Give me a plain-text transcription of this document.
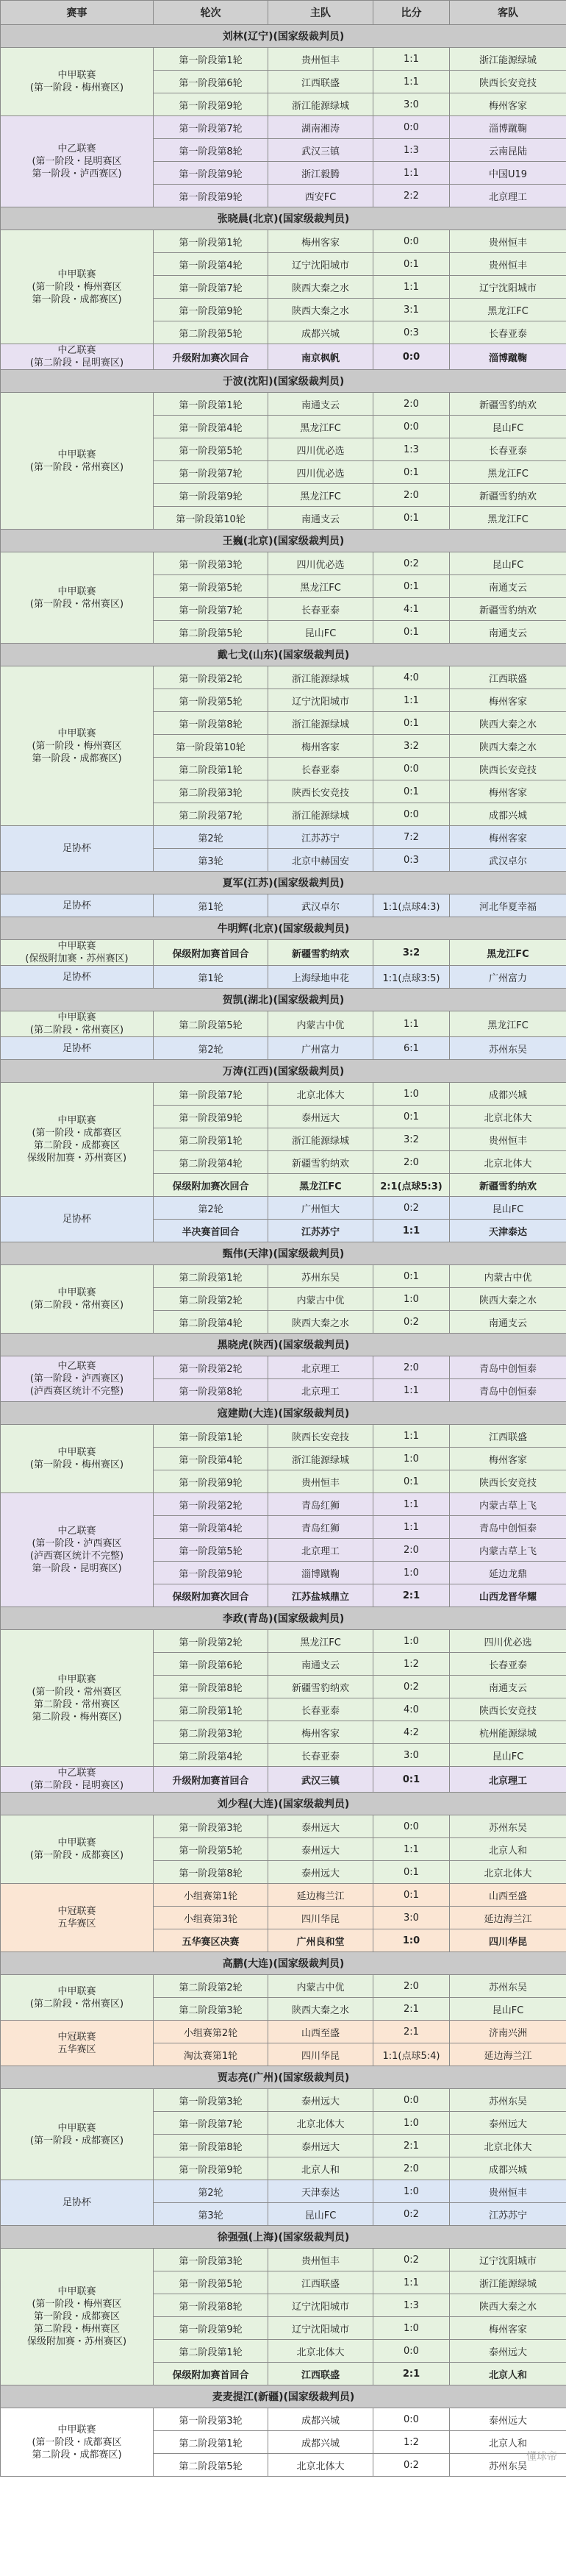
赛事	轮次	主队	比分	客队
刘林(辽宁)(国家级裁判员)				

中甲联赛
(第一阶段・梅州赛区)	第一阶段第1轮	贵州恒丰	1:1	浙江能源绿城
	第一阶段第6轮	江西联盛	1:1	陕西长安竞技
	第一阶段第9轮	浙江能源绿城	3:0	梅州客家

中乙联赛
(第一阶段・昆明赛区
第一阶段・泸西赛区)	第一阶段第7轮	湖南湘涛	0:0	淄博蹴鞠
	第一阶段第8轮	武汉三镇	1:3	云南昆陆
	第一阶段第9轮	浙江毅腾	1:1	中国U19
	第一阶段第9轮	西安FC	2:2	北京理工
张晓晨(北京)(国家级裁判员)				

中甲联赛
(第一阶段・梅州赛区
第一阶段・成都赛区)	第一阶段第1轮	梅州客家	0:0	贵州恒丰
	第一阶段第4轮	辽宁沈阳城市	0:1	贵州恒丰
	第一阶段第7轮	陕西大秦之水	1:1	辽宁沈阳城市
	第一阶段第9轮	陕西大秦之水	3:1	黑龙江FC
	第二阶段第5轮	成都兴城	0:3	长春亚泰

中乙联赛
(第二阶段・昆明赛区)	升级附加赛次回合	南京枫帆	0:0	淄博蹴鞠
于波(沈阳)(国家级裁判员)				

中甲联赛
(第一阶段・常州赛区)	第一阶段第1轮	南通支云	2:0	新疆雪豹纳欢
	第一阶段第4轮	黑龙江FC	0:0	昆山FC
	第一阶段第5轮	四川优必选	1:3	长春亚泰
	第一阶段第7轮	四川优必选	0:1	黑龙江FC
	第一阶段第9轮	黑龙江FC	2:0	新疆雪豹纳欢
	第一阶段第10轮	南通支云	0:1	黑龙江FC
王巍(北京)(国家级裁判员)				

中甲联赛
(第一阶段・常州赛区)	第一阶段第3轮	四川优必选	0:2	昆山FC
	第一阶段第5轮	黑龙江FC	0:1	南通支云
	第一阶段第7轮	长春亚泰	4:1	新疆雪豹纳欢
	第二阶段第5轮	昆山FC	0:1	南通支云
戴七戈(山东)(国家级裁判员)				

中甲联赛
(第一阶段・梅州赛区
第一阶段・成都赛区)	第一阶段第2轮	浙江能源绿城	4:0	江西联盛
	第一阶段第5轮	辽宁沈阳城市	1:1	梅州客家
	第一阶段第8轮	浙江能源绿城	0:1	陕西大秦之水
	第一阶段第10轮	梅州客家	3:2	陕西大秦之水
	第二阶段第1轮	长春亚泰	0:0	陕西长安竞技
	第二阶段第3轮	陕西长安竞技	0:1	梅州客家
	第二阶段第7轮	浙江能源绿城	0:0	成都兴城

足协杯	第2轮	江苏苏宁	7:2	梅州客家
	第3轮	北京中赫国安	0:3	武汉卓尔
夏军(江苏)(国家级裁判员)				

足协杯	第1轮	武汉卓尔	1:1(点球4:3)	河北华夏幸福
牛明辉(北京)(国家级裁判员)				

中甲联赛
(保级附加赛・苏州赛区)	保级附加赛首回合	新疆雪豹纳欢	3:2	黑龙江FC

足协杯	第1轮	上海绿地申花	1:1(点球3:5)	广州富力
贺凯(湖北)(国家级裁判员)				

中甲联赛
(第二阶段・常州赛区)	第二阶段第5轮	内蒙古中优	1:1	黑龙江FC

足协杯	第2轮	广州富力	6:1	苏州东吴
万涛(江西)(国家级裁判员)				

中甲联赛
(第一阶段・成都赛区
第二阶段・成都赛区
保级附加赛・苏州赛区)	第一阶段第7轮	北京北体大	1:0	成都兴城
	第一阶段第9轮	泰州远大	0:1	北京北体大
	第二阶段第1轮	浙江能源绿城	3:2	贵州恒丰
	第二阶段第4轮	新疆雪豹纳欢	2:0	北京北体大
	保级附加赛次回合	黑龙江FC	2:1(点球5:3)	新疆雪豹纳欢

足协杯	第2轮	广州恒大	0:2	昆山FC
	半决赛首回合	江苏苏宁	1:1	天津泰达
甄伟(天津)(国家级裁判员)				

中甲联赛
(第二阶段・常州赛区)	第二阶段第1轮	苏州东吴	0:1	内蒙古中优
	第二阶段第2轮	内蒙古中优	1:0	陕西大秦之水
	第二阶段第4轮	陕西大秦之水	0:2	南通支云
黑晓虎(陕西)(国家级裁判员)				

中乙联赛
(第一阶段・泸西赛区)
(泸西赛区统计不完整)	第一阶段第2轮	北京理工	2:0	青岛中创恒泰
	第一阶段第8轮	北京理工	1:1	青岛中创恒泰
寇建勋(大连)(国家级裁判员)				

中甲联赛
(第一阶段・梅州赛区)	第一阶段第1轮	陕西长安竞技	1:1	江西联盛
	第一阶段第4轮	浙江能源绿城	1:0	梅州客家
	第一阶段第9轮	贵州恒丰	0:1	陕西长安竞技

中乙联赛
(第一阶段・泸西赛区
(泸西赛区统计不完整)
第一阶段・昆明赛区)	第一阶段第2轮	青岛红狮	1:1	内蒙古草上飞
	第一阶段第4轮	青岛红狮	1:1	青岛中创恒泰
	第一阶段第5轮	北京理工	2:0	内蒙古草上飞
	第一阶段第9轮	淄博蹴鞠	1:0	延边龙鼎
	保级附加赛次回合	江苏盐城鼎立	2:1	山西龙晋华耀
李政(青岛)(国家级裁判员)				

中甲联赛
(第一阶段・常州赛区
第二阶段・常州赛区
第二阶段・梅州赛区)	第一阶段第2轮	黑龙江FC	1:0	四川优必选
	第一阶段第6轮	南通支云	1:2	长春亚泰
	第一阶段第8轮	新疆雪豹纳欢	0:2	南通支云
	第二阶段第1轮	长春亚泰	4:0	陕西长安竞技
	第二阶段第3轮	梅州客家	4:2	杭州能源绿城
	第二阶段第4轮	长春亚泰	3:0	昆山FC

中乙联赛
(第二阶段・昆明赛区)	升级附加赛首回合	武汉三镇	0:1	北京理工
刘少程(大连)(国家级裁判员)				

中甲联赛
(第一阶段・成都赛区)	第一阶段第3轮	泰州远大	0:0	苏州东吴
	第一阶段第5轮	泰州远大	1:1	北京人和
	第一阶段第8轮	泰州远大	0:1	北京北体大

中冠联赛
五华赛区	小组赛第1轮	延边梅兰江	0:1	山西至盛
	小组赛第3轮	四川华昆	3:0	延边海兰江
	五华赛区决赛	广州良和堂	1:0	四川华昆
高鹏(大连)(国家级裁判员)				

中甲联赛
(第二阶段・常州赛区)	第二阶段第2轮	内蒙古中优	2:0	苏州东吴
	第二阶段第3轮	陕西大秦之水	2:1	昆山FC

中冠联赛
五华赛区	小组赛第2轮	山西至盛	2:1	济南兴洲
	淘汰赛第1轮	四川华昆	1:1(点球5:4)	延边海兰江
贾志亮(广州)(国家级裁判员)				

中甲联赛
(第一阶段・成都赛区)	第一阶段第3轮	泰州远大	0:0	苏州东吴
	第一阶段第7轮	北京北体大	1:0	泰州远大
	第一阶段第8轮	泰州远大	2:1	北京北体大
	第一阶段第9轮	北京人和	2:0	成都兴城

足协杯	第2轮	天津泰达	1:0	贵州恒丰
	第3轮	昆山FC	0:2	江苏苏宁
徐强强(上海)(国家级裁判员)				

中甲联赛
(第一阶段・梅州赛区
第一阶段・成都赛区
第二阶段・梅州赛区
保级附加赛・苏州赛区)	第一阶段第3轮	贵州恒丰	0:2	辽宁沈阳城市
	第一阶段第5轮	江西联盛	1:1	浙江能源绿城
	第一阶段第8轮	辽宁沈阳城市	1:3	陕西大秦之水
	第一阶段第9轮	辽宁沈阳城市	1:0	梅州客家
	第二阶段第1轮	北京北体大	0:0	泰州远大
	保级附加赛首回合	江西联盛	2:1	北京人和
麦麦提江(新疆)(国家级裁判员)				

中甲联赛
(第一阶段・成都赛区
第二阶段・成都赛区)	第一阶段第3轮	成都兴城	0:0	泰州远大
	第二阶段第1轮	成都兴城	1:2	北京人和
	第二阶段第5轮	北京北体大	0:2	苏州东吴
懂球帝
